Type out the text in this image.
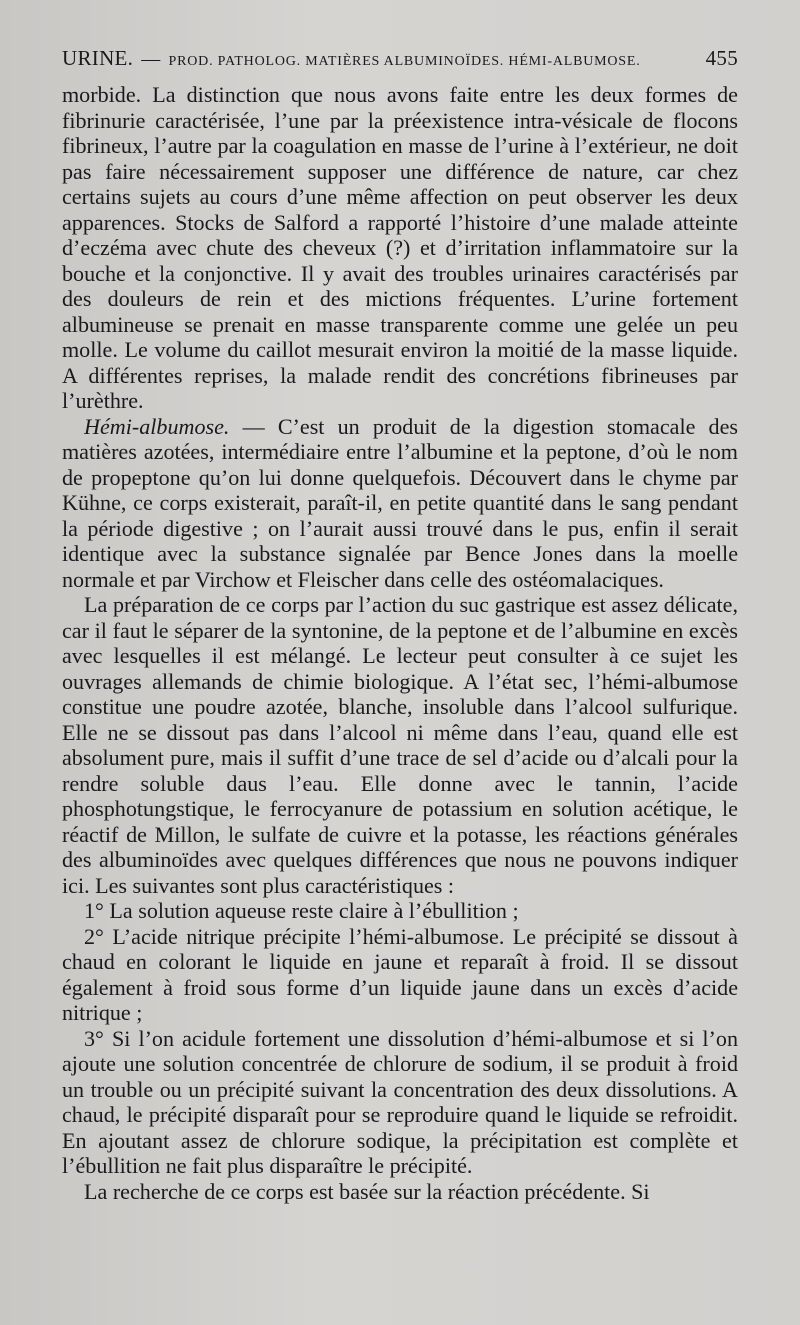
URINE. — PROD. PATHOLOG. MATIÈRES ALBUMINOÏDES. HÉMI-ALBUMOSE.	455

morbide. La distinction que nous avons faite entre les deux formes de fibrinurie caractérisée, l’une par la préexistence intra-vésicale de flocons fibrineux, l’autre par la coagulation en masse de l’urine à l’extérieur, ne doit pas faire nécessairement supposer une différence de nature, car chez certains sujets au cours d’une même affection on peut observer les deux apparences. Stocks de Salford a rapporté l’histoire d’une malade atteinte d’eczéma avec chute des cheveux (?) et d’irritation inflammatoire sur la bouche et la conjonctive. Il y avait des troubles urinaires caractérisés par des douleurs de rein et des mictions fréquentes. L’urine fortement albumineuse se prenait en masse transparente comme une gelée un peu molle. Le volume du caillot mesurait environ la moitié de la masse liquide. A différentes reprises, la malade rendit des concrétions fibrineuses par l’urèthre.

Hémi-albumose. — C’est un produit de la digestion stomacale des matières azotées, intermédiaire entre l’albumine et la peptone, d’où le nom de propeptone qu’on lui donne quelquefois. Découvert dans le chyme par Kühne, ce corps existerait, paraît-il, en petite quantité dans le sang pendant la période digestive ; on l’aurait aussi trouvé dans le pus, enfin il serait identique avec la substance signalée par Bence Jones dans la moelle normale et par Virchow et Fleischer dans celle des ostéomalaciques.

La préparation de ce corps par l’action du suc gastrique est assez délicate, car il faut le séparer de la syntonine, de la peptone et de l’albumine en excès avec lesquelles il est mélangé. Le lecteur peut consulter à ce sujet les ouvrages allemands de chimie biologique. A l’état sec, l’hémi-albumose constitue une poudre azotée, blanche, insoluble dans l’alcool sulfurique. Elle ne se dissout pas dans l’alcool ni même dans l’eau, quand elle est absolument pure, mais il suffit d’une trace de sel d’acide ou d’alcali pour la rendre soluble daus l’eau. Elle donne avec le tannin, l’acide phosphotungstique, le ferrocyanure de potassium en solution acétique, le réactif de Millon, le sulfate de cuivre et la potasse, les réactions générales des albuminoïdes avec quelques différences que nous ne pouvons indiquer ici. Les suivantes sont plus caractéristiques :

1° La solution aqueuse reste claire à l’ébullition ;

2° L’acide nitrique précipite l’hémi-albumose. Le précipité se dissout à chaud en colorant le liquide en jaune et reparaît à froid. Il se dissout également à froid sous forme d’un liquide jaune dans un excès d’acide nitrique ;

3° Si l’on acidule fortement une dissolution d’hémi-albumose et si l’on ajoute une solution concentrée de chlorure de sodium, il se produit à froid un trouble ou un précipité suivant la concentration des deux dissolutions. A chaud, le précipité disparaît pour se reproduire quand le liquide se refroidit. En ajoutant assez de chlorure sodique, la précipitation est complète et l’ébullition ne fait plus disparaître le précipité.

La recherche de ce corps est basée sur la réaction précédente. Si
